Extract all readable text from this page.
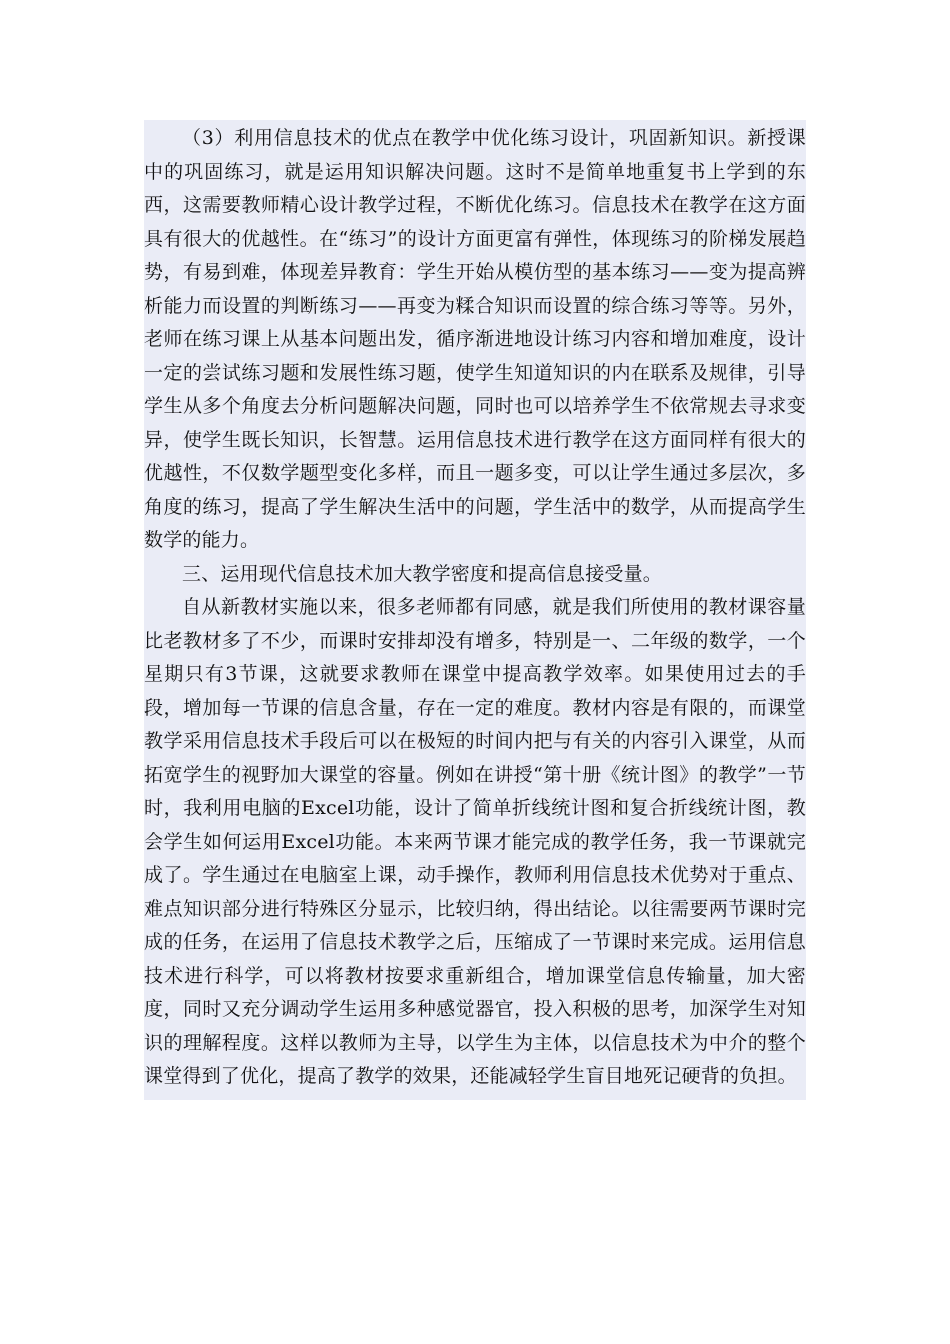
（3）利用信息技术的优点在教学中优化练习设计，巩固新知识。新授课中的巩固练习，就是运用知识解决问题。这时不是简单地重复书上学到的东西，这需要教师精心设计教学过程，不断优化练习。信息技术在教学在这方面具有很大的优越性。在“练习”的设计方面更富有弹性，体现练习的阶梯发展趋势，有易到难，体现差异教育：学生开始从模仿型的基本练习——变为提高辨析能力而设置的判断练习——再变为糅合知识而设置的综合练习等等。另外，老师在练习课上从基本问题出发，循序渐进地设计练习内容和增加难度，设计一定的尝试练习题和发展性练习题，使学生知道知识的内在联系及规律，引导学生从多个角度去分析问题解决问题，同时也可以培养学生不依常规去寻求变异，使学生既长知识，长智慧。运用信息技术进行教学在这方面同样有很大的优越性，不仅数学题型变化多样，而且一题多变，可以让学生通过多层次，多角度的练习，提高了学生解决生活中的问题，学生活中的数学，从而提高学生数学的能力。

三、运用现代信息技术加大教学密度和提高信息接受量。

自从新教材实施以来，很多老师都有同感，就是我们所使用的教材课容量比老教材多了不少，而课时安排却没有增多，特别是一、二年级的数学，一个星期只有3节课，这就要求教师在课堂中提高教学效率。如果使用过去的手段，增加每一节课的信息含量，存在一定的难度。教材内容是有限的，而课堂教学采用信息技术手段后可以在极短的时间内把与有关的内容引入课堂，从而拓宽学生的视野加大课堂的容量。例如在讲授“第十册《统计图》的教学”一节时，我利用电脑的Excel功能，设计了简单折线统计图和复合折线统计图，教会学生如何运用Excel功能。本来两节课才能完成的教学任务，我一节课就完成了。学生通过在电脑室上课，动手操作，教师利用信息技术优势对于重点、难点知识部分进行特殊区分显示，比较归纳，得出结论。以往需要两节课时完成的任务，在运用了信息技术教学之后，压缩成了一节课时来完成。运用信息技术进行科学，可以将教材按要求重新组合，增加课堂信息传输量，加大密度，同时又充分调动学生运用多种感觉器官，投入积极的思考，加深学生对知识的理解程度。这样以教师为主导，以学生为主体，以信息技术为中介的整个课堂得到了优化，提高了教学的效果，还能减轻学生盲目地死记硬背的负担。
